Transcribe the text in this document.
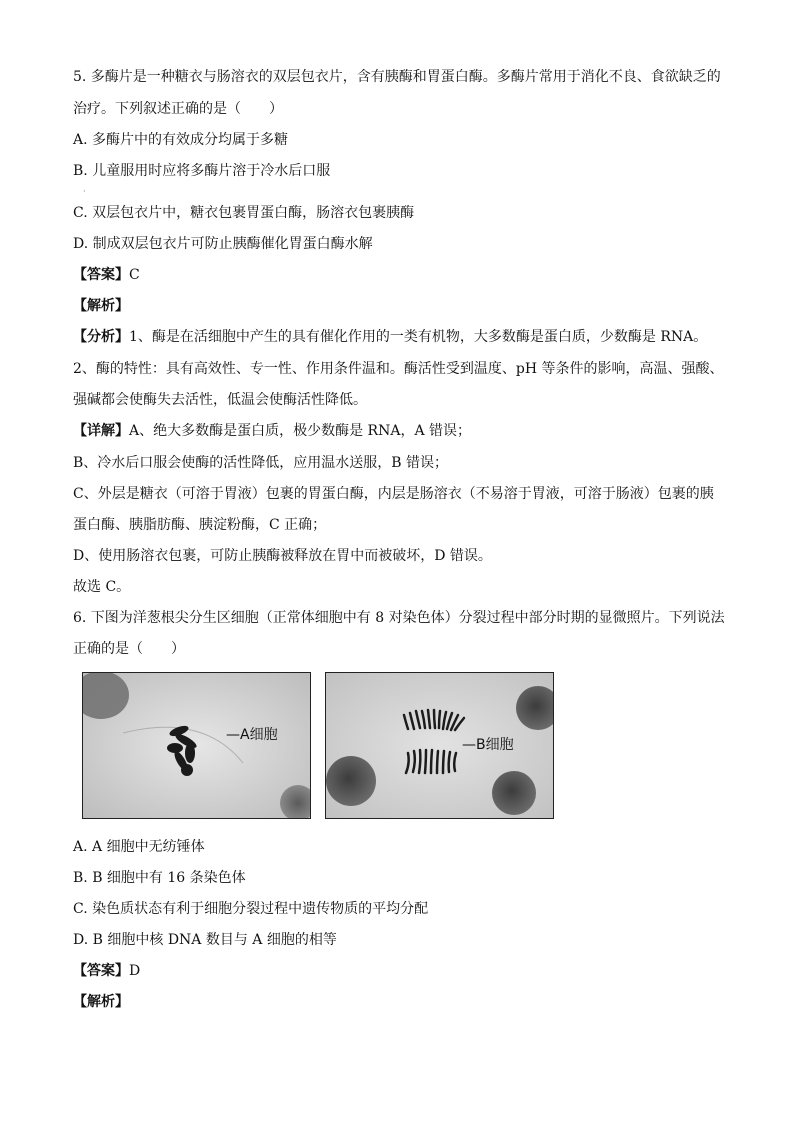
5. 多酶片是一种糖衣与肠溶衣的双层包衣片，含有胰酶和胃蛋白酶。多酶片常用于消化不良、食欲缺乏的
治疗。下列叙述正确的是（　　）
A. 多酶片中的有效成分均属于多糖
B. 儿童服用时应将多酶片溶于冷水后口服
·
C. 双层包衣片中，糖衣包裹胃蛋白酶，肠溶衣包裹胰酶
D. 制成双层包衣片可防止胰酶催化胃蛋白酶水解
【答案】C
【解析】
【分析】1、酶是在活细胞中产生的具有催化作用的一类有机物，大多数酶是蛋白质，少数酶是 RNA。
2、酶的特性：具有高效性、专一性、作用条件温和。酶活性受到温度、pH 等条件的影响，高温、强酸、
强碱都会使酶失去活性，低温会使酶活性降低。
【详解】A、绝大多数酶是蛋白质，极少数酶是 RNA，A 错误；
B、冷水后口服会使酶的活性降低，应用温水送服，B 错误；
C、外层是糖衣（可溶于胃液）包裹的胃蛋白酶，内层是肠溶衣（不易溶于胃液，可溶于肠液）包裹的胰
蛋白酶、胰脂肪酶、胰淀粉酶，C 正确；
D、使用肠溶衣包裹，可防止胰酶被释放在胃中而被破坏，D 错误。
故选 C。
6. 下图为洋葱根尖分生区细胞（正常体细胞中有 8 对染色体）分裂过程中部分时期的显微照片。下列说法
正确的是（　　）
—A细胞
—B细胞
A. A 细胞中无纺锤体
B. B 细胞中有 16 条染色体
C. 染色质状态有利于细胞分裂过程中遗传物质的平均分配
D. B 细胞中核 DNA 数目与 A 细胞的相等
【答案】D
【解析】
